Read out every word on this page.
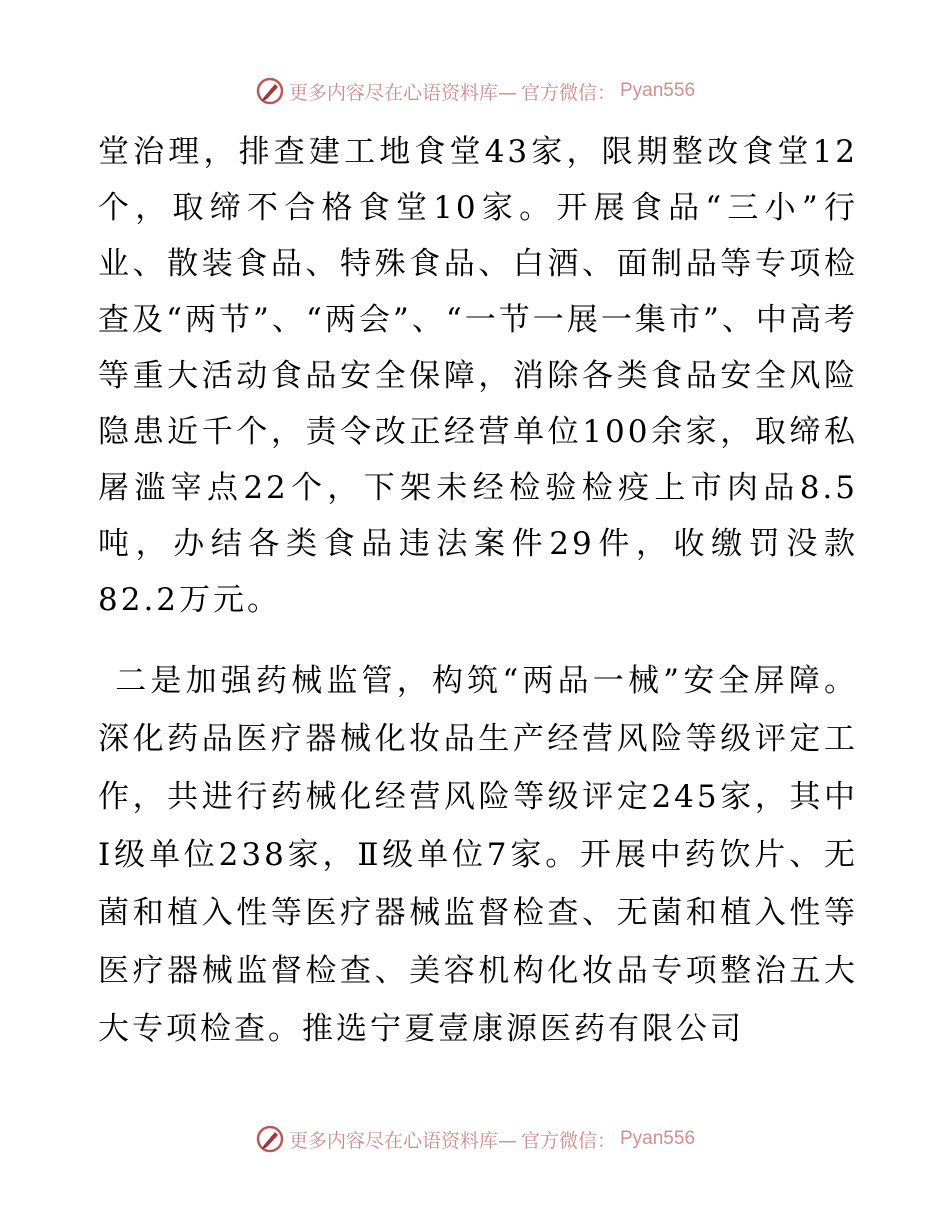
更多内容尽在心语资料库— 官方微信： Pyan556

堂治理，排查建工地食堂43家，限期整改食堂12个，取缔不合格食堂10家。开展食品“三小”行业、散装食品、特殊食品、白酒、面制品等专项检查及“两节”、“两会”、“一节一展一集市”、中高考等重大活动食品安全保障，消除各类食品安全风险隐患近千个，责令改正经营单位100余家，取缔私屠滥宰点22个，下架未经检验检疫上市肉品8.5吨，办结各类食品违法案件29件，收缴罚没款82.2万元。

二是加强药械监管，构筑“两品一械”安全屏障。深化药品医疗器械化妆品生产经营风险等级评定工作，共进行药械化经营风险等级评定245家，其中Ⅰ级单位238家，Ⅱ级单位7家。开展中药饮片、无菌和植入性等医疗器械监督检查、无菌和植入性等医疗器械监督检查、美容机构化妆品专项整治五大大专项检查。推选宁夏壹康源医药有限公司

更多内容尽在心语资料库— 官方微信： Pyan556
